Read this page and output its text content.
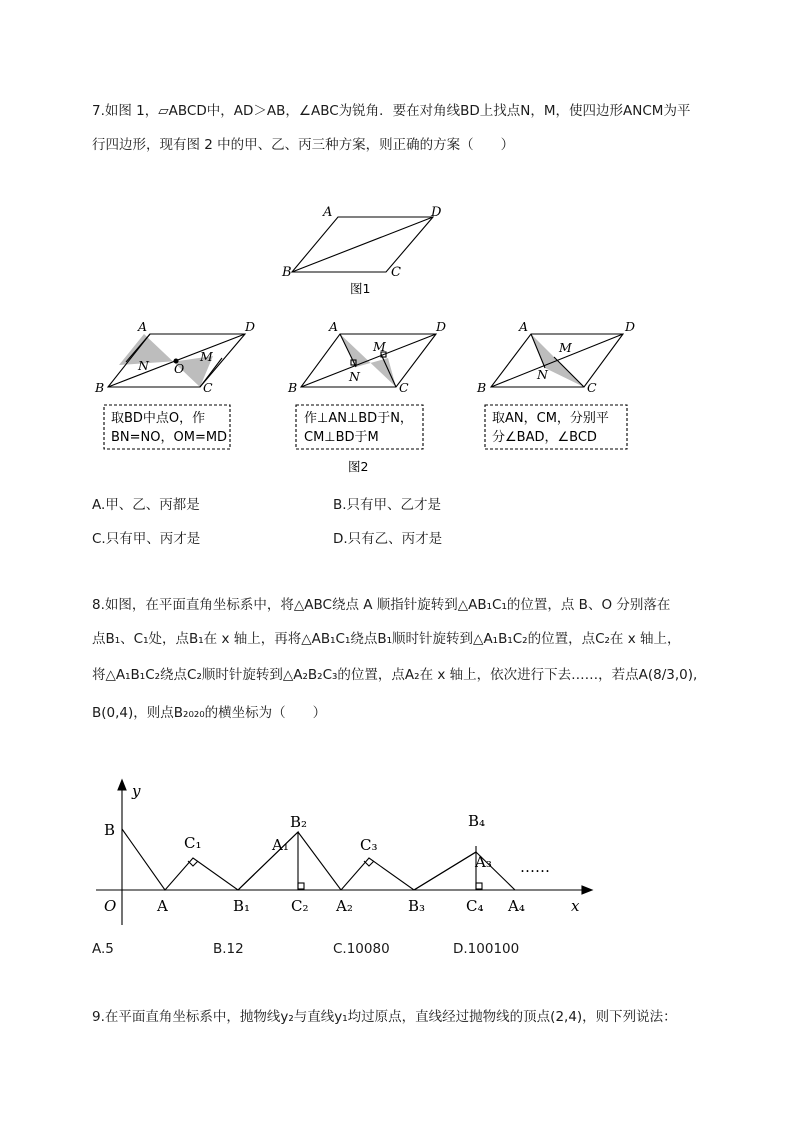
7.如图 1，▱ABCD中，AD＞AB，∠ABC为锐角．要在对角线BD上找点N，M，使四边形ANCM为平
行四边形，现有图 2 中的甲、乙、丙三种方案，则正确的方案（　　）
A	D
B	C
图1
A	D
B	C
N O
M
A	D
B	C
M
N
A	D
B	C
M
N
取BD中点O，作
BN=NO，OM=MD
作⊥AN⊥BD于N，
CM⊥BD于M
取AN，CM，分别平
分∠BAD，∠BCD
图2
y
x
B
O	A
C₁
B₁
A₁
B₂
C₂ A₂
C₃
B₃
B₄
A₃
C₄ A₄
……
A.甲、乙、丙都是	B.只有甲、乙才是
C.只有甲、丙才是	D.只有乙、丙才是
8.如图，在平面直角坐标系中，将△ABC绕点 A 顺指针旋转到△AB₁C₁的位置，点 B、O 分别落在
点B₁、C₁处，点B₁在 x 轴上，再将△AB₁C₁绕点B₁顺时针旋转到△A₁B₁C₂的位置，点C₂在 x 轴上，
将△A₁B₁C₂绕点C₂顺时针旋转到△A₂B₂C₃的位置，点A₂在 x 轴上，依次进行下去……，若点A(8/3,0),
B(0,4)，则点B₂₀₂₀的横坐标为（　　）
A.5	B.12	C.10080	D.100100
9.在平面直角坐标系中，抛物线y₂与直线y₁均过原点，直线经过抛物线的顶点(2,4)，则下列说法：
